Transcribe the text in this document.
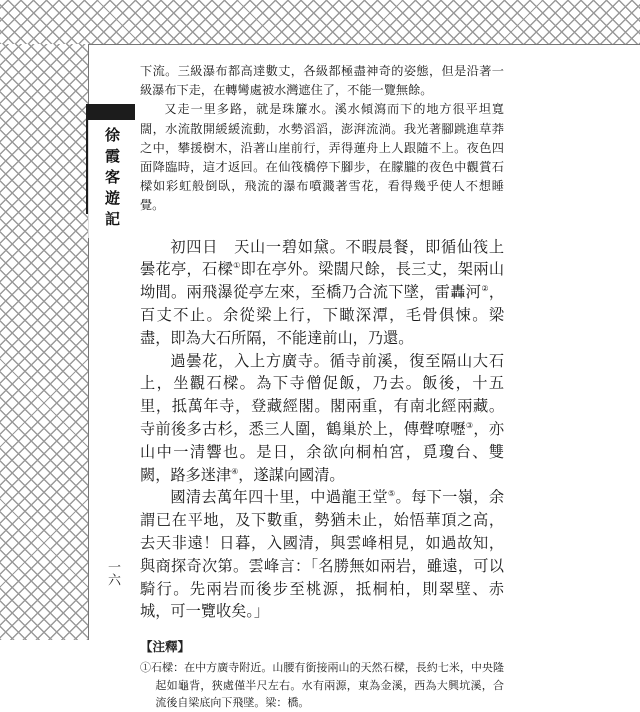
徐霞客遊記
一六

下流。三級瀑布都高達數丈，各級都極盡神奇的姿態，但是沿著一級瀑布下走，在轉彎處被水灣遮住了，不能一覽無餘。

又走一里多路，就是珠簾水。溪水傾瀉而下的地方很平坦寬闊，水流散開緩緩流動，水勢滔滔，澎湃流淌。我光著腳跳進草莽之中，攀援樹木，沿著山崖前行，弄得蓮舟上人跟隨不上。夜色四面降臨時，這才返回。在仙筏橋停下腳步，在朦朧的夜色中觀賞石樑如彩虹般倒臥，飛流的瀑布噴濺著雪花，看得幾乎使人不想睡覺。

初四日　天山一碧如黛。不暇晨餐，即循仙筏上曇花亭，石樑①即在亭外。梁闊尺餘，長三丈，架兩山坳間。兩飛瀑從亭左來，至橋乃合流下墜，雷轟河②，百丈不止。余從梁上行，下瞰深潭，毛骨俱悚。梁盡，即為大石所隔，不能達前山，乃還。

過曇花，入上方廣寺。循寺前溪，復至隔山大石上，坐觀石樑。為下寺僧促飯，乃去。飯後，十五里，抵萬年寺，登藏經閣。閣兩重，有南北經兩藏。寺前後多古杉，悉三人圍，鶴巢於上，傳聲嘹嚦③，亦山中一清響也。是日，余欲向桐柏宮，覓瓊台、雙闕，路多迷津④，遂謀向國清。

國清去萬年四十里，中過龍王堂⑤。每下一嶺，余謂已在平地，及下數重，勢猶未止，始悟華頂之高，去天非遠！日暮，入國清，與雲峰相見，如過故知，與商探奇次第。雲峰言：「名勝無如兩岩，雖遠，可以騎行。先兩岩而後步至桃源，抵桐柏，則翠壁、赤城，可一覽收矣。」

【注釋】

①石樑：在中方廣寺附近。山腰有銜接兩山的天然石樑，長約七米，中央隆起如龜背，狹處僅半尺左右。水有兩源，東為金溪，西為大興坑溪，合流後自梁底向下飛墜。梁：橋。
